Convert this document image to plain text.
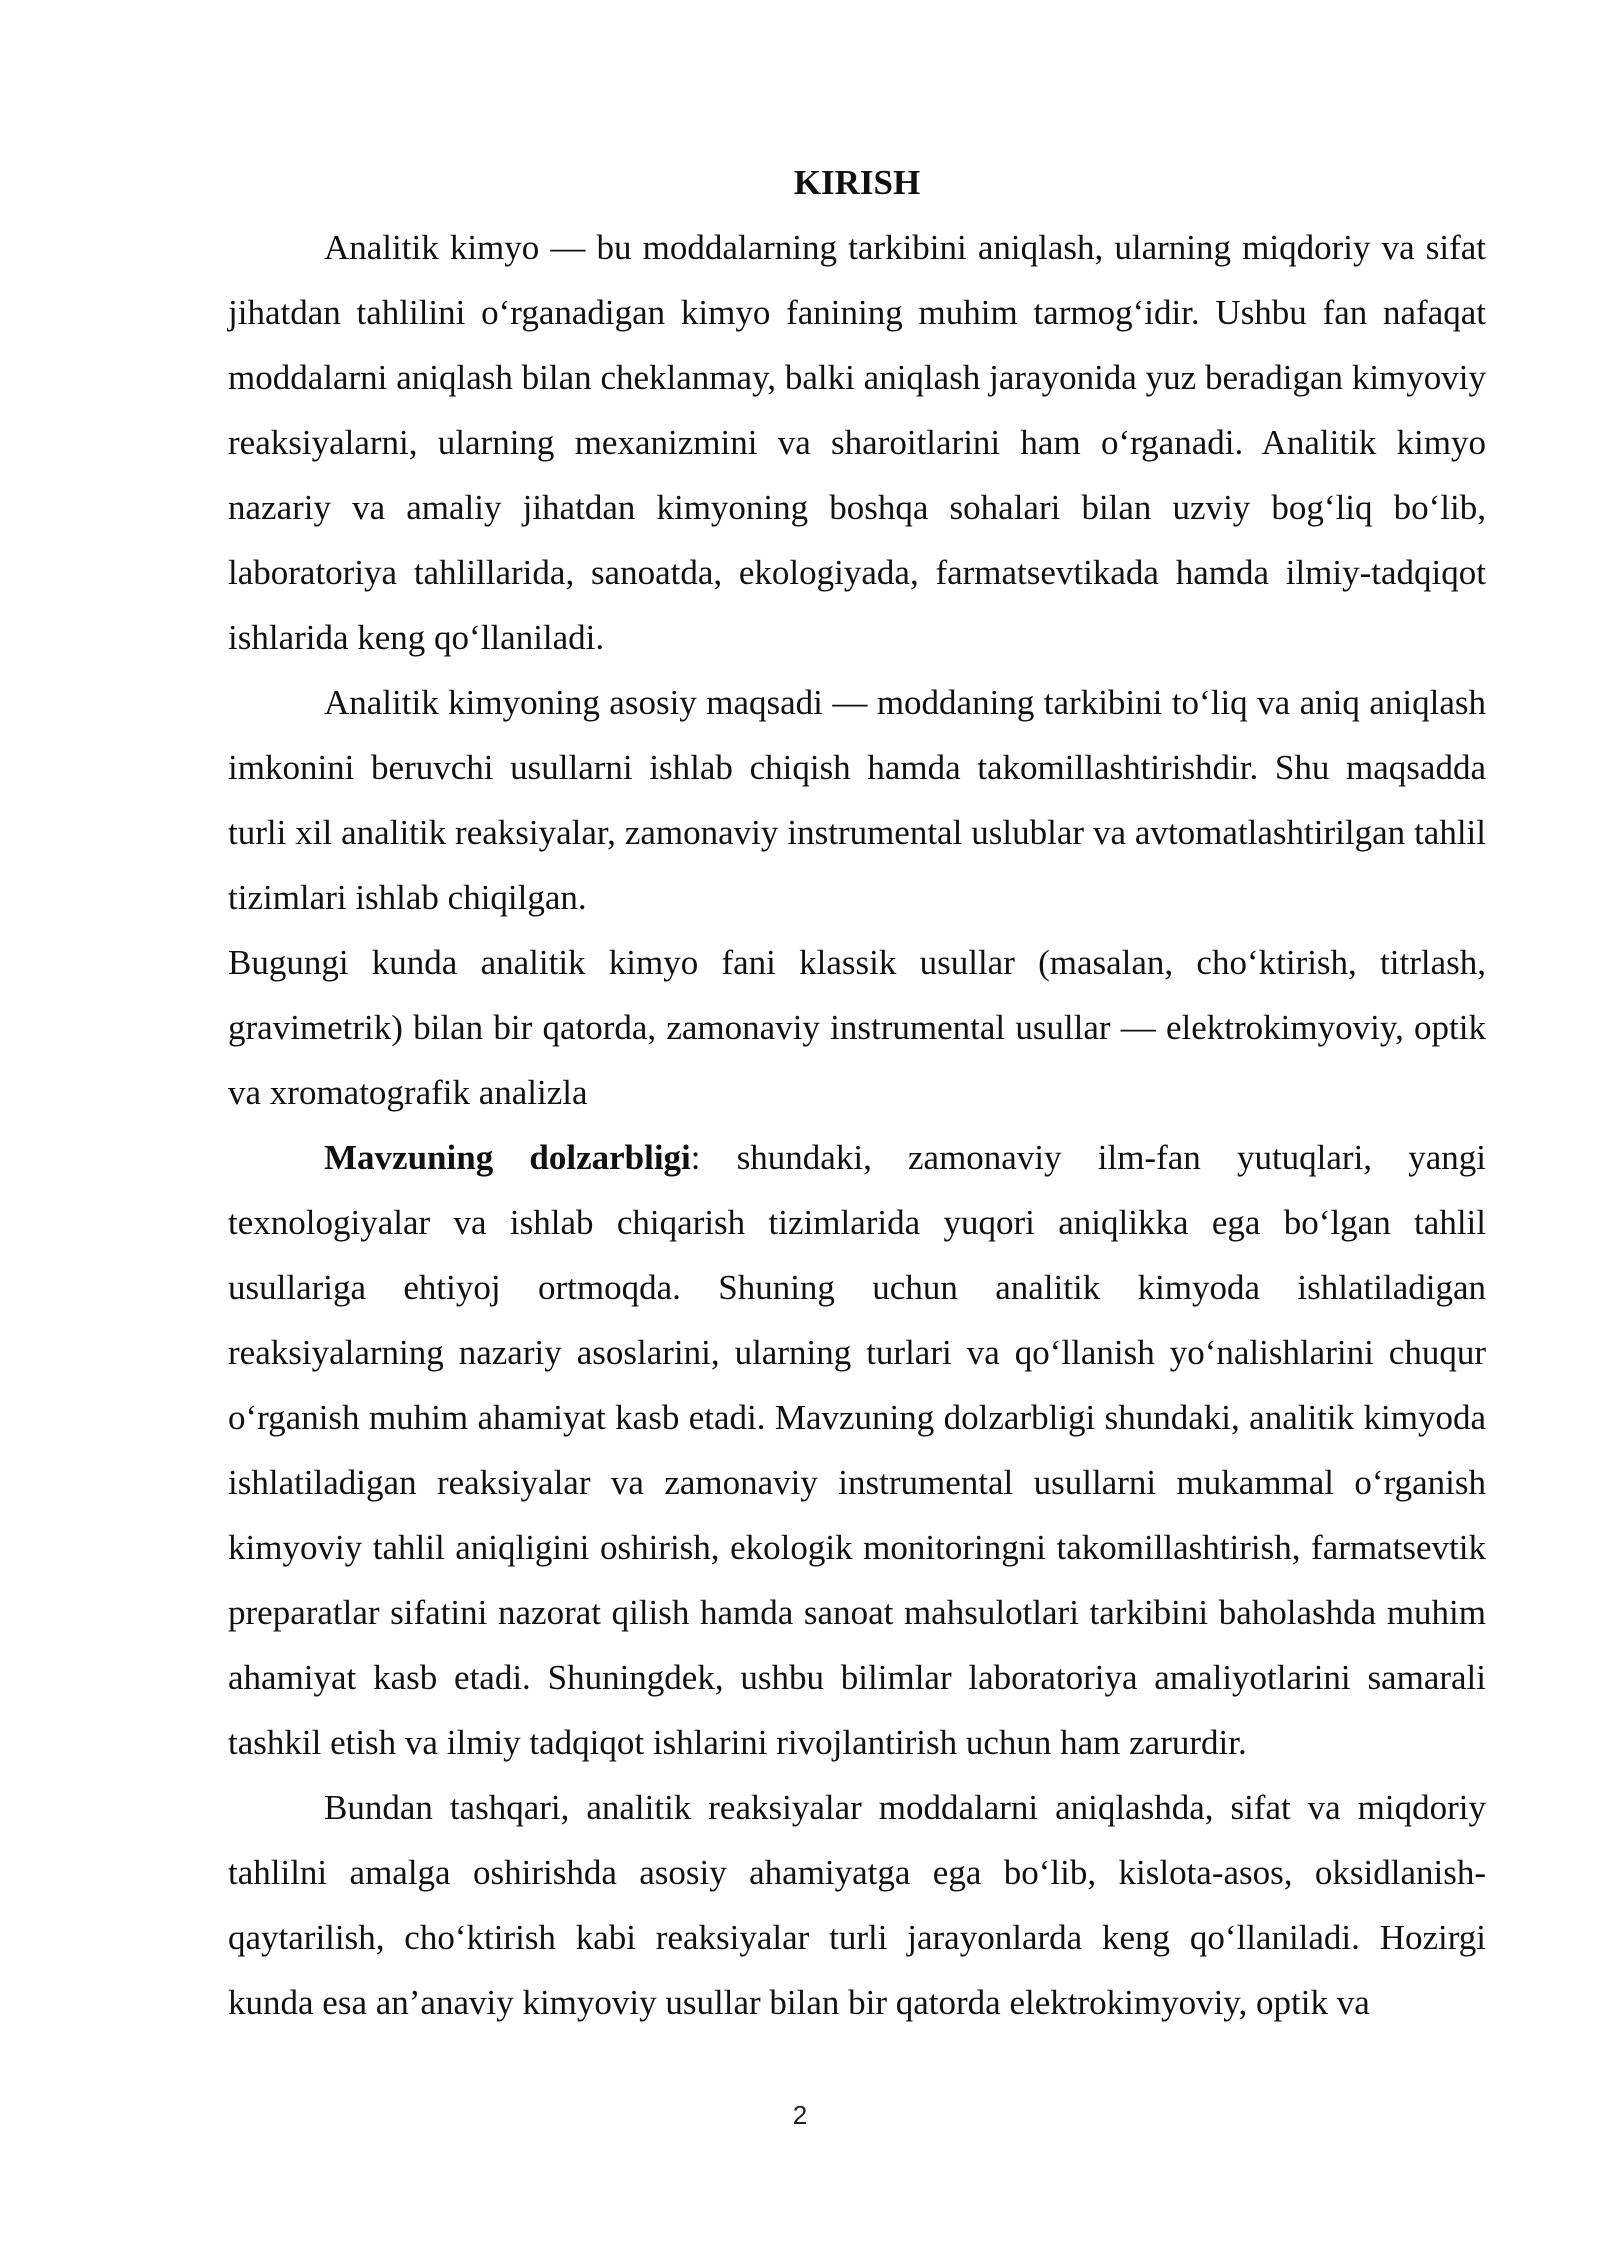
KIRISH

Analitik kimyo — bu moddalarning tarkibini aniqlash, ularning miqdoriy va sifat jihatdan tahlilini o‘rganadigan kimyo fanining muhim tarmog‘idir. Ushbu fan nafaqat moddalarni aniqlash bilan cheklanmay, balki aniqlash jarayonida yuz beradigan kimyoviy reaksiyalarni, ularning mexanizmini va sharoitlarini ham o‘rganadi. Analitik kimyo nazariy va amaliy jihatdan kimyoning boshqa sohalari bilan uzviy bog‘liq bo‘lib, laboratoriya tahlillarida, sanoatda, ekologiyada, farmatsevtikada hamda ilmiy-tadqiqot ishlarida keng qo‘llaniladi.

Analitik kimyoning asosiy maqsadi — moddaning tarkibini to‘liq va aniq aniqlash imkonini beruvchi usullarni ishlab chiqish hamda takomillashtirishdir. Shu maqsadda turli xil analitik reaksiyalar, zamonaviy instrumental uslublar va avtomatlashtirilgan tahlil tizimlari ishlab chiqilgan.

Bugungi kunda analitik kimyo fani klassik usullar (masalan, cho‘ktirish, titrlash, gravimetrik) bilan bir qatorda, zamonaviy instrumental usullar — elektrokimyoviy, optik va xromatografik analizla

Mavzuning dolzarbligi: shundaki, zamonaviy ilm-fan yutuqlari, yangi texnologiyalar va ishlab chiqarish tizimlarida yuqori aniqlikka ega bo‘lgan tahlil usullariga ehtiyoj ortmoqda. Shuning uchun analitik kimyoda ishlatiladigan reaksiyalarning nazariy asoslarini, ularning turlari va qo‘llanish yo‘nalishlarini chuqur o‘rganish muhim ahamiyat kasb etadi. Mavzuning dolzarbligi shundaki, analitik kimyoda ishlatiladigan reaksiyalar va zamonaviy instrumental usullarni mukammal o‘rganish kimyoviy tahlil aniqligini oshirish, ekologik monitoringni takomillashtirish, farmatsevtik preparatlar sifatini nazorat qilish hamda sanoat mahsulotlari tarkibini baholashda muhim ahamiyat kasb etadi. Shuningdek, ushbu bilimlar laboratoriya amaliyotlarini samarali tashkil etish va ilmiy tadqiqot ishlarini rivojlantirish uchun ham zarurdir.

Bundan tashqari, analitik reaksiyalar moddalarni aniqlashda, sifat va miqdoriy tahlilni amalga oshirishda asosiy ahamiyatga ega bo‘lib, kislota-asos, oksidlanish-qaytarilish, cho‘ktirish kabi reaksiyalar turli jarayonlarda keng qo‘llaniladi. Hozirgi kunda esa an’anaviy kimyoviy usullar bilan bir qatorda elektrokimyoviy, optik va

2
